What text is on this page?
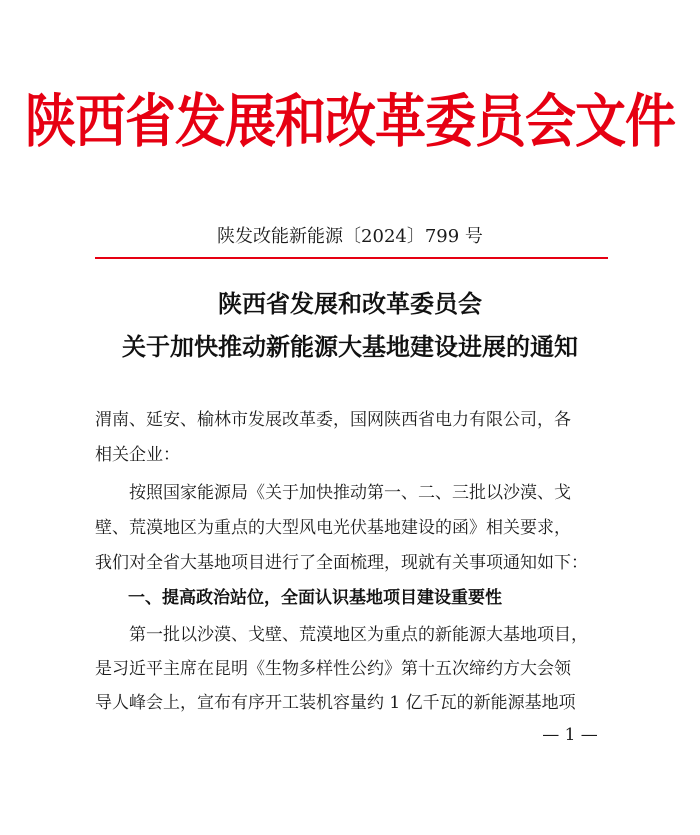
陕西省发展和改革委员会文件
陕发改能新能源〔2024〕799 号
陕西省发展和改革委员会
关于加快推动新能源大基地建设进展的通知
渭南、延安、榆林市发展改革委，国网陕西省电力有限公司，各
相关企业：
　　按照国家能源局《关于加快推动第一、二、三批以沙漠、戈
壁、荒漠地区为重点的大型风电光伏基地建设的函》相关要求，
我们对全省大基地项目进行了全面梳理，现就有关事项通知如下：
一、提高政治站位，全面认识基地项目建设重要性
　　第一批以沙漠、戈壁、荒漠地区为重点的新能源大基地项目，
是习近平主席在昆明《生物多样性公约》第十五次缔约方大会领
导人峰会上，宣布有序开工装机容量约 1 亿千瓦的新能源基地项
— 1 —
